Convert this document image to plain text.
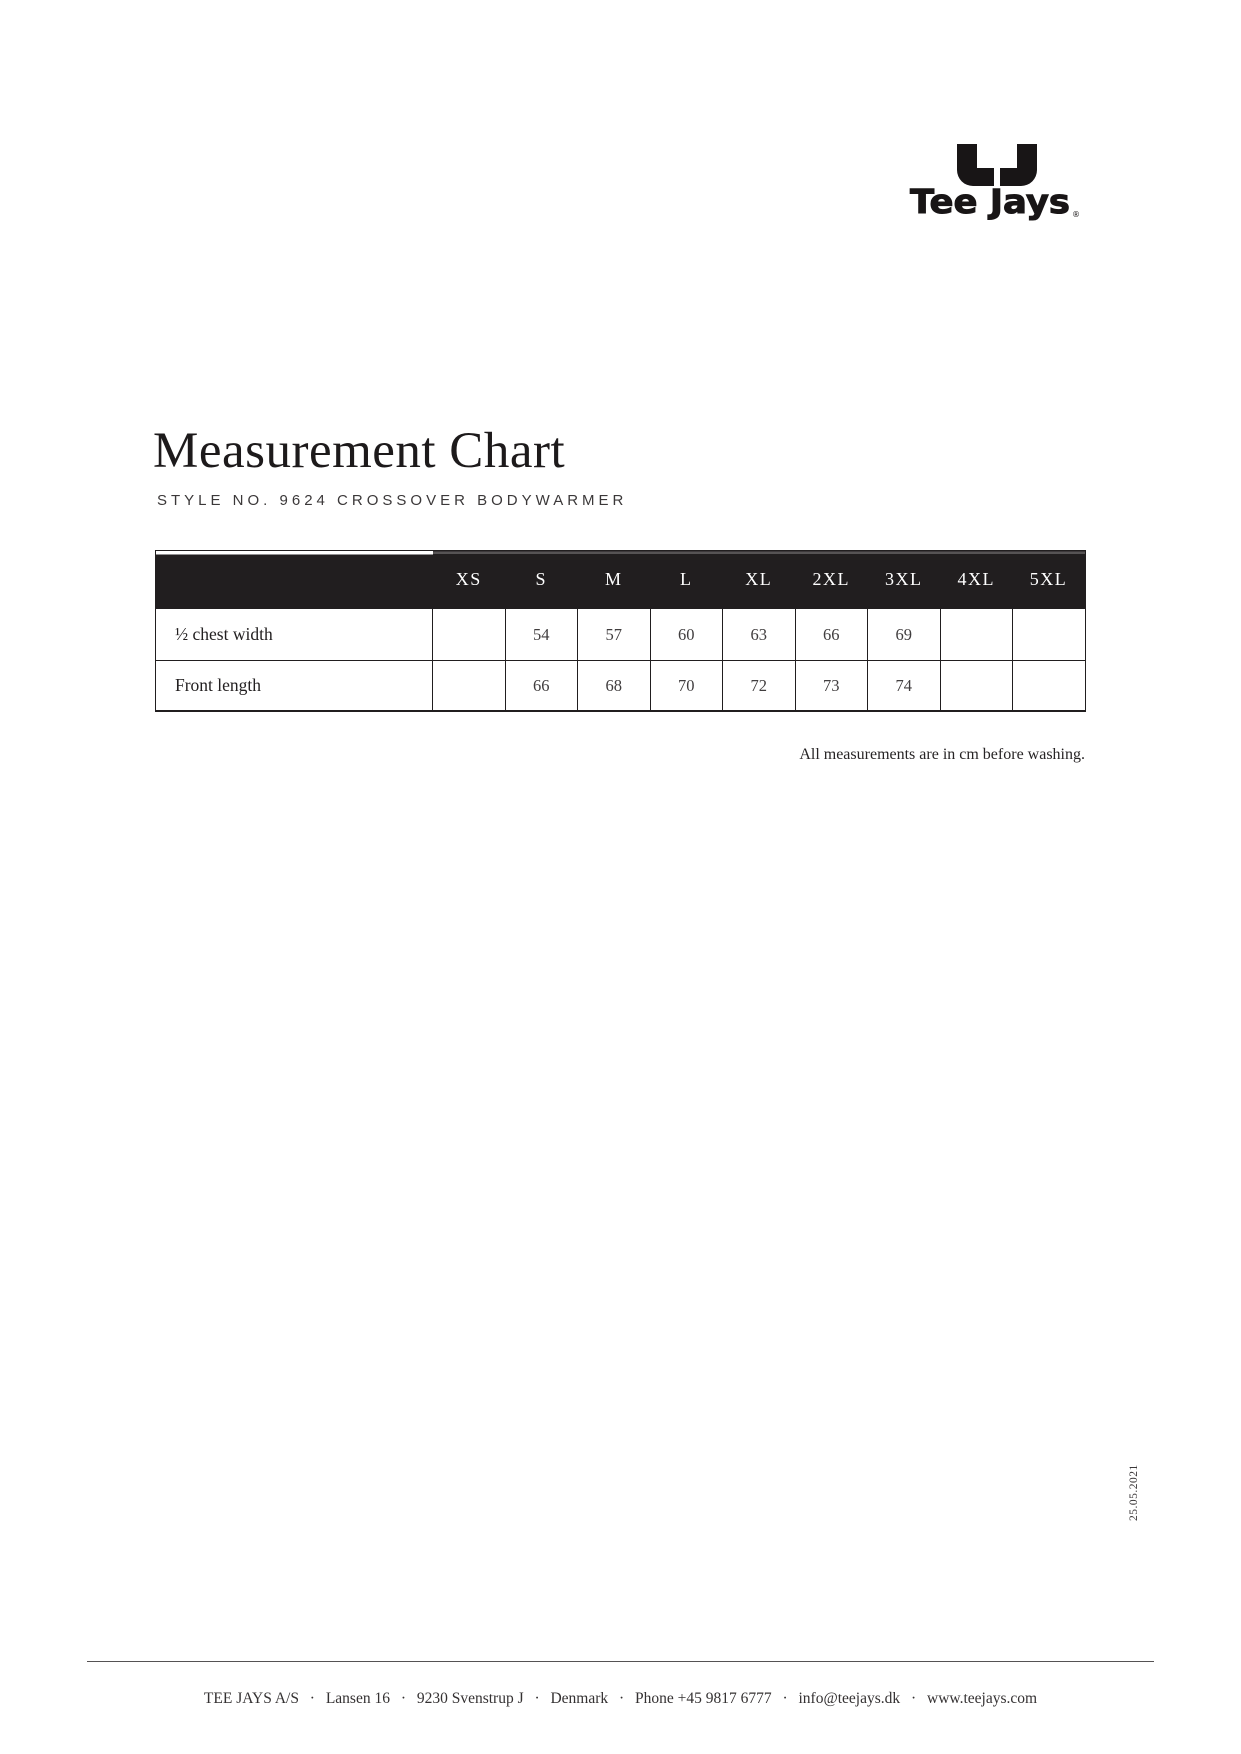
Tee Jays ®
Measurement Chart
STYLE NO. 9624 CROSSOVER BODYWARMER
	XS	S	M	L	XL	2XL	3XL	4XL	5XL
½ chest width		54	57	60	63	66	69		
Front length		66	68	70	72	73	74		
All measurements are in cm before washing.
25.05.2021
TEE JAYS A/S  ·  Lansen 16  ·  9230 Svenstrup J  ·  Denmark  ·  Phone +45 9817 6777  ·  info@teejays.dk  ·  www.teejays.com
